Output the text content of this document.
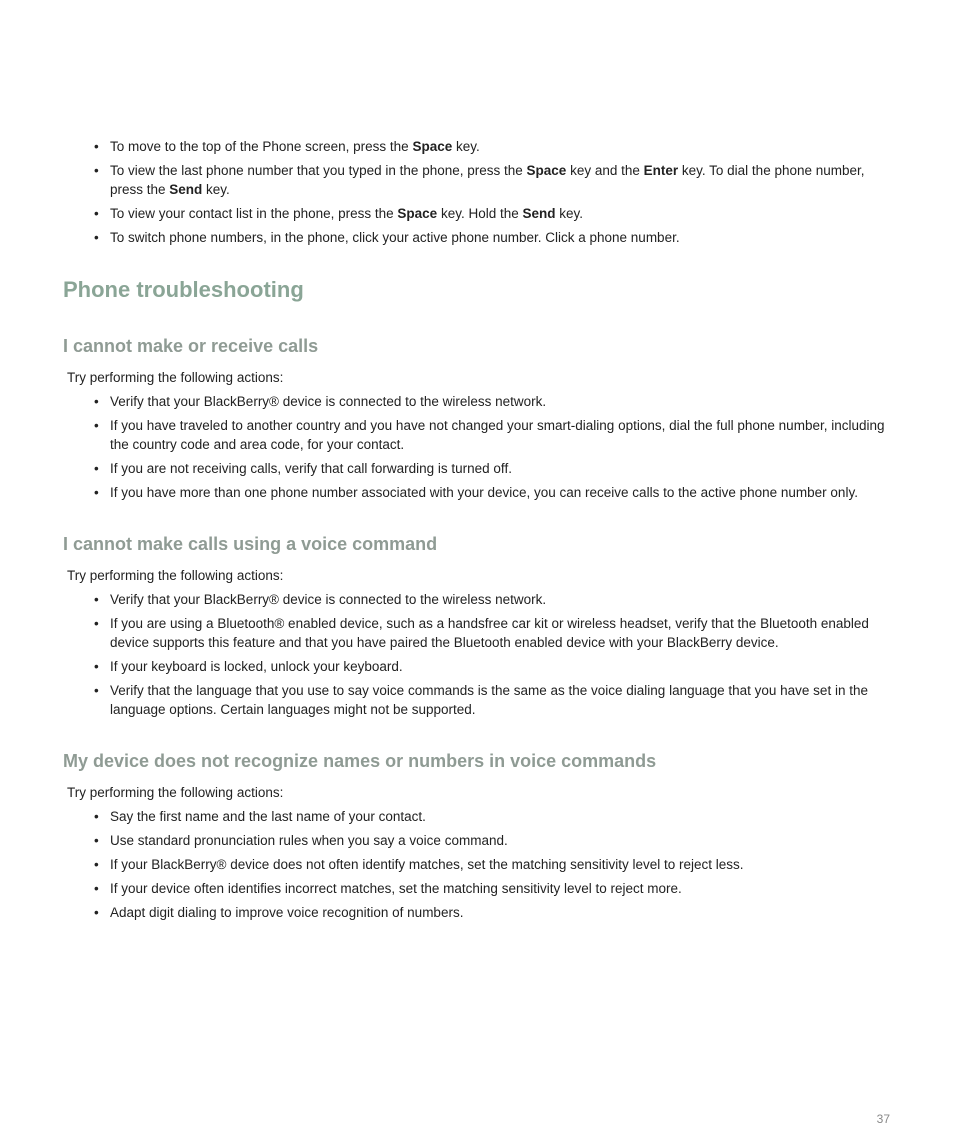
• To move to the top of the Phone screen, press the Space key.
• To view the last phone number that you typed in the phone, press the Space key and the Enter key. To dial the phone number, press the Send key.
• To view your contact list in the phone, press the Space key. Hold the Send key.
• To switch phone numbers, in the phone, click your active phone number. Click a phone number.
Phone troubleshooting
I cannot make or receive calls

Try performing the following actions:

• Verify that your BlackBerry® device is connected to the wireless network.
• If you have traveled to another country and you have not changed your smart-dialing options, dial the full phone number, including the country code and area code, for your contact.
• If you are not receiving calls, verify that call forwarding is turned off.
• If you have more than one phone number associated with your device, you can receive calls to the active phone number only.
I cannot make calls using a voice command

Try performing the following actions:

• Verify that your BlackBerry® device is connected to the wireless network.
• If you are using a Bluetooth® enabled device, such as a handsfree car kit or wireless headset, verify that the Bluetooth enabled device supports this feature and that you have paired the Bluetooth enabled device with your BlackBerry device.
• If your keyboard is locked, unlock your keyboard.
• Verify that the language that you use to say voice commands is the same as the voice dialing language that you have set in the language options. Certain languages might not be supported.
My device does not recognize names or numbers in voice commands

Try performing the following actions:

• Say the first name and the last name of your contact.
• Use standard pronunciation rules when you say a voice command.
• If your BlackBerry® device does not often identify matches, set the matching sensitivity level to reject less.
• If your device often identifies incorrect matches, set the matching sensitivity level to reject more.
• Adapt digit dialing to improve voice recognition of numbers.
37
